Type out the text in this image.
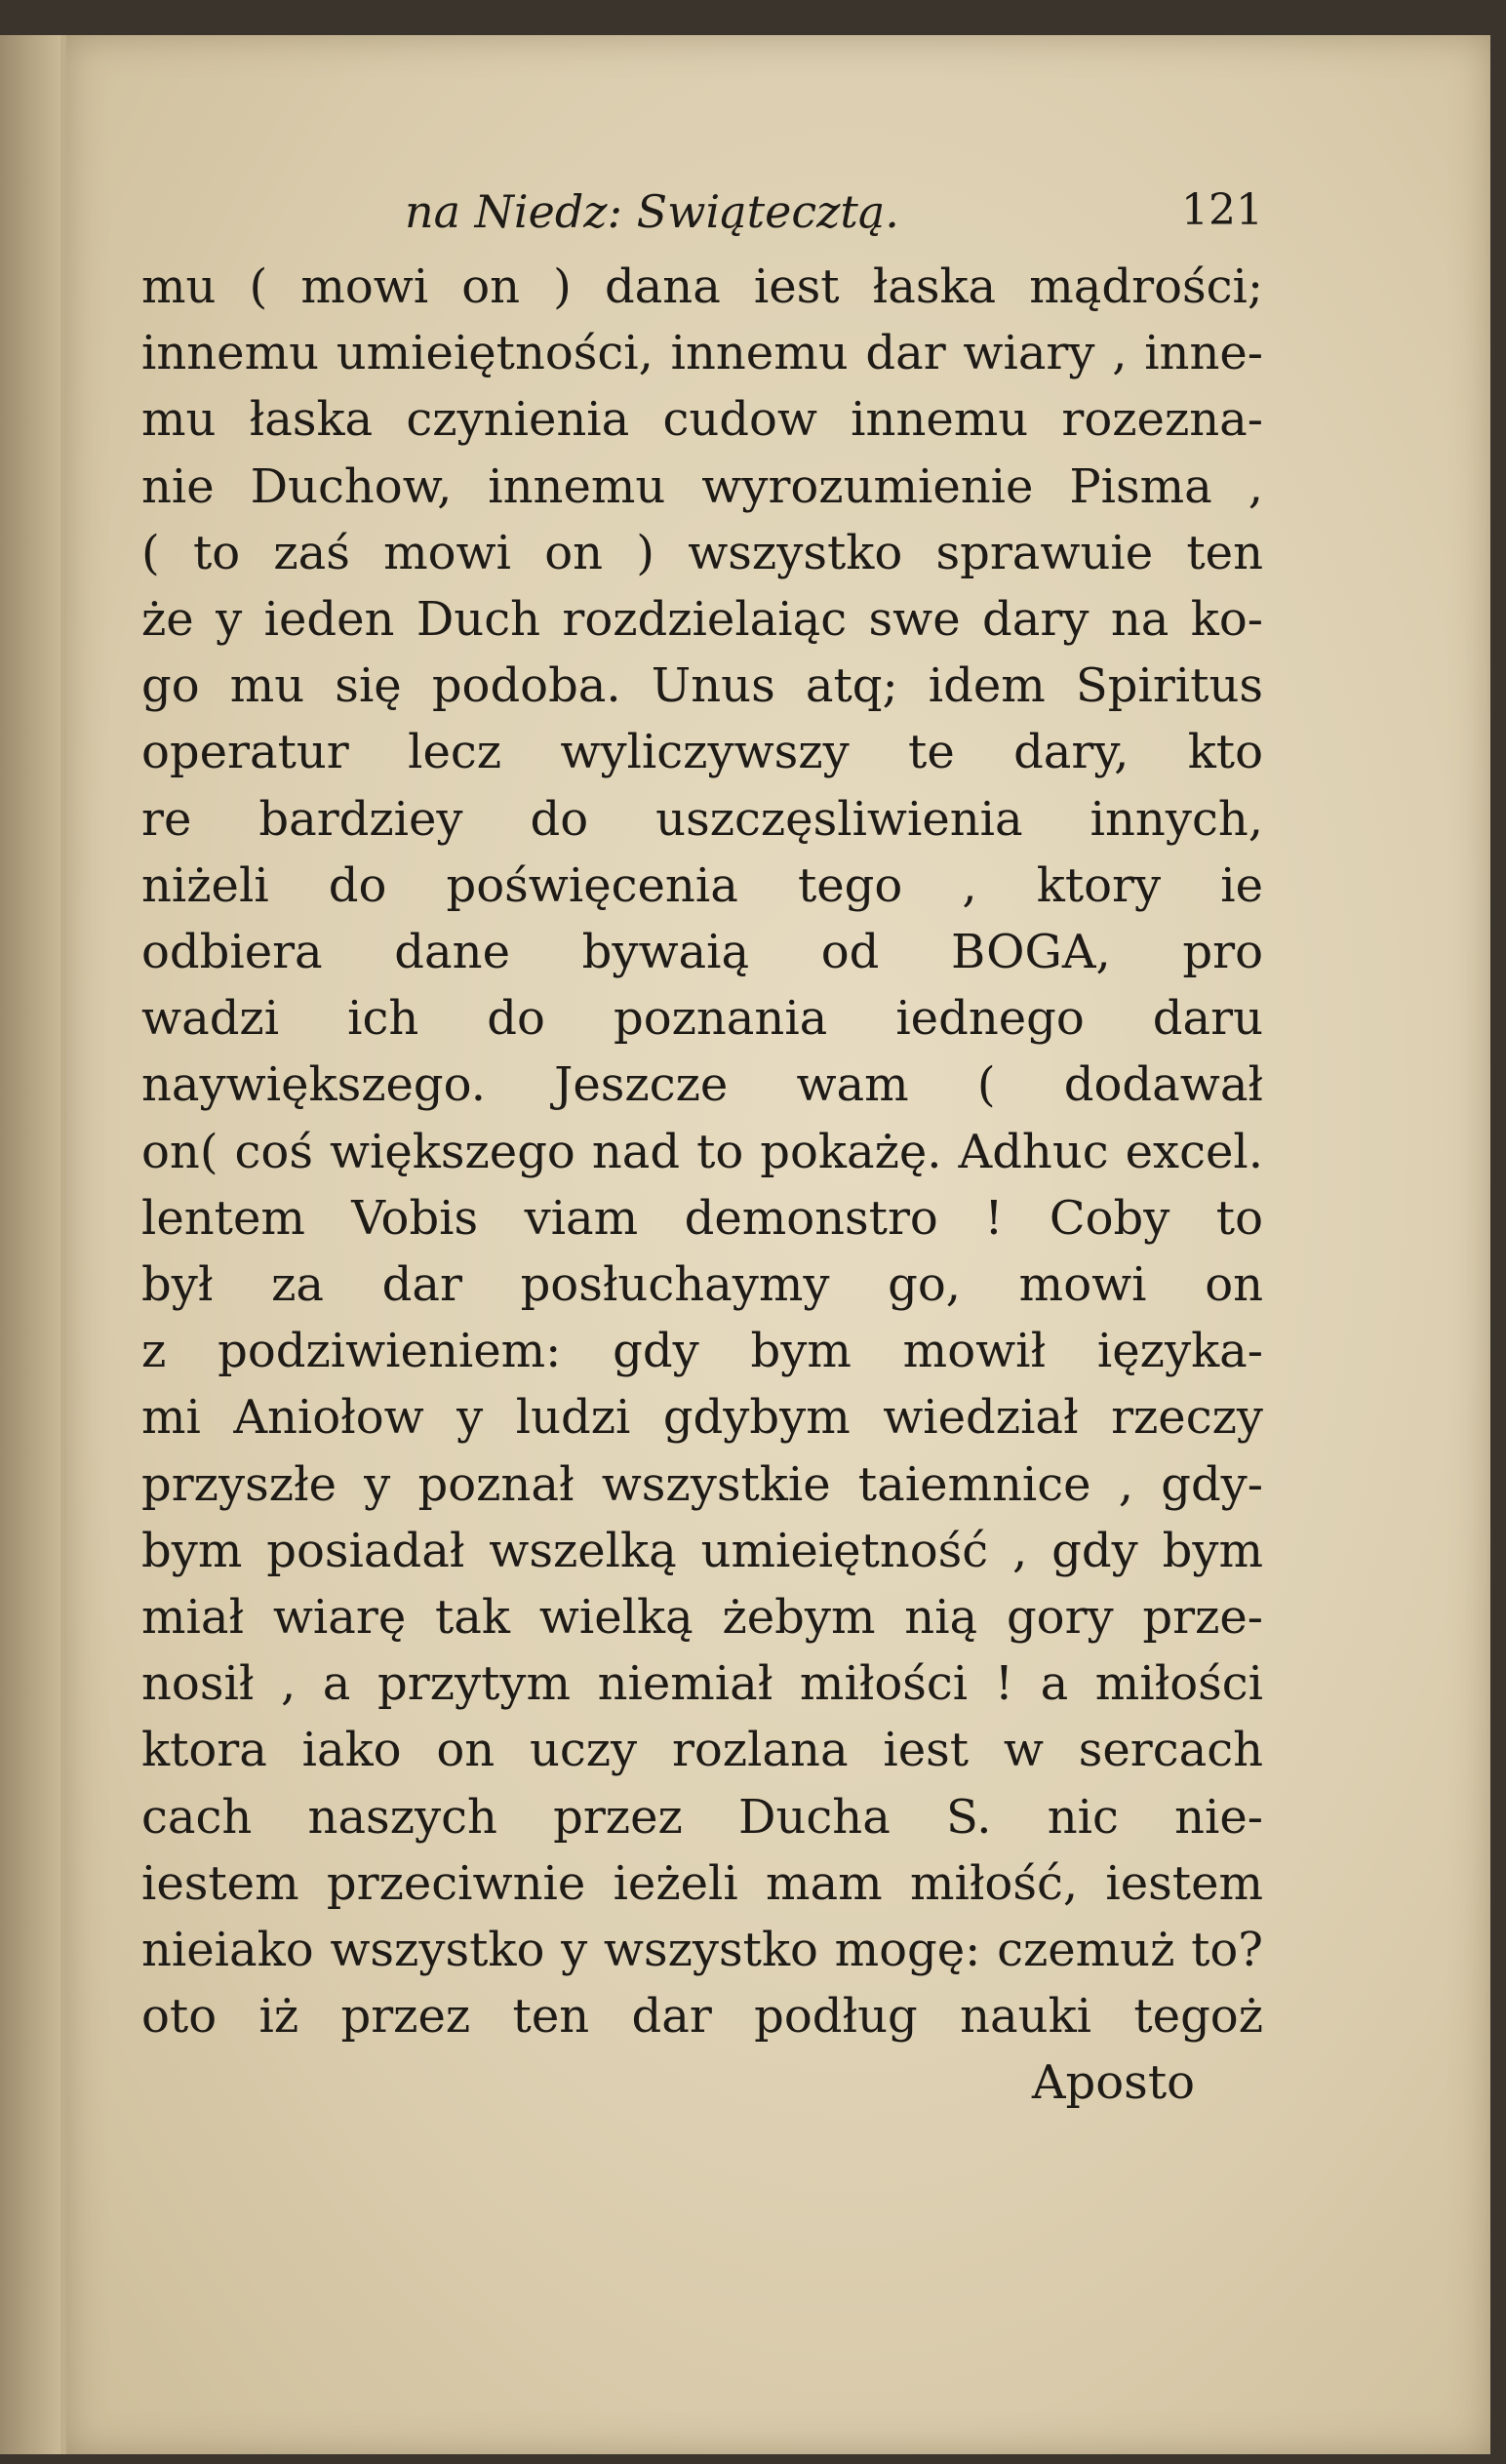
na Niedz: Swiątecztą.	121
mu ( mowi on ) dana iest łaska mądrości;
innemu umieiętności, innemu dar wiary , inne-
mu łaska czynienia cudow innemu rozezna-
nie Duchow, innemu wyrozumienie Pisma ,
( to zaś mowi on ) wszystko sprawuie ten
że y ieden Duch rozdzielaiąc swe dary na ko-
go mu się podoba. Unus atq; idem Spiritus
operatur lecz wyliczywszy te dary, kto
re bardziey do uszczęsliwienia innych,
niżeli do poświęcenia tego , ktory ie
odbiera dane bywaią od BOGA, pro
wadzi ich do poznania iednego daru
naywiększego. Jeszcze wam ( dodawał
on( coś większego nad to pokażę. Adhuc excel.
lentem Vobis viam demonstro ! Coby to
był za dar posłuchaymy go, mowi on
z podziwieniem: gdy bym mowił ięzyka-
mi Aniołow y ludzi gdybym wiedział rzeczy
przyszłe y poznał wszystkie taiemnice , gdy-
bym posiadał wszelką umieiętność , gdy bym
miał wiarę tak wielką żebym nią gory prze-
nosił , a przytym niemiał miłości ! a miłości
ktora iako on uczy rozlana iest w sercach
cach naszych przez Ducha S. nic nie-
iestem przeciwnie ieżeli mam miłość, iestem
nieiako wszystko y wszystko mogę: czemuż to?
oto iż przez ten dar podług nauki tegoż
Aposto
